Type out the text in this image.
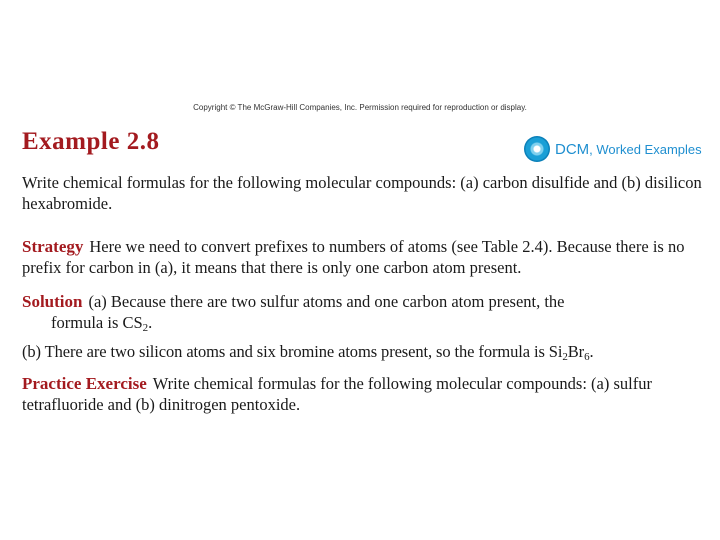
Copyright © The McGraw-Hill Companies, Inc. Permission required for reproduction or display.
Example 2.8	DCM, Worked Examples
Write chemical formulas for the following molecular compounds: (a) carbon disulfide and (b) disilicon hexabromide.
Strategy Here we need to convert prefixes to numbers of atoms (see Table 2.4). Because there is no prefix for carbon in (a), it means that there is only one carbon atom present.
Solution (a) Because there are two sulfur atoms and one carbon atom present, the
formula is $CS_2$.
(b) There are two silicon atoms and six bromine atoms present, so the formula is $Si_2Br_6$.
Practice Exercise Write chemical formulas for the following molecular compounds: (a) sulfur tetrafluoride and (b) dinitrogen pentoxide.
